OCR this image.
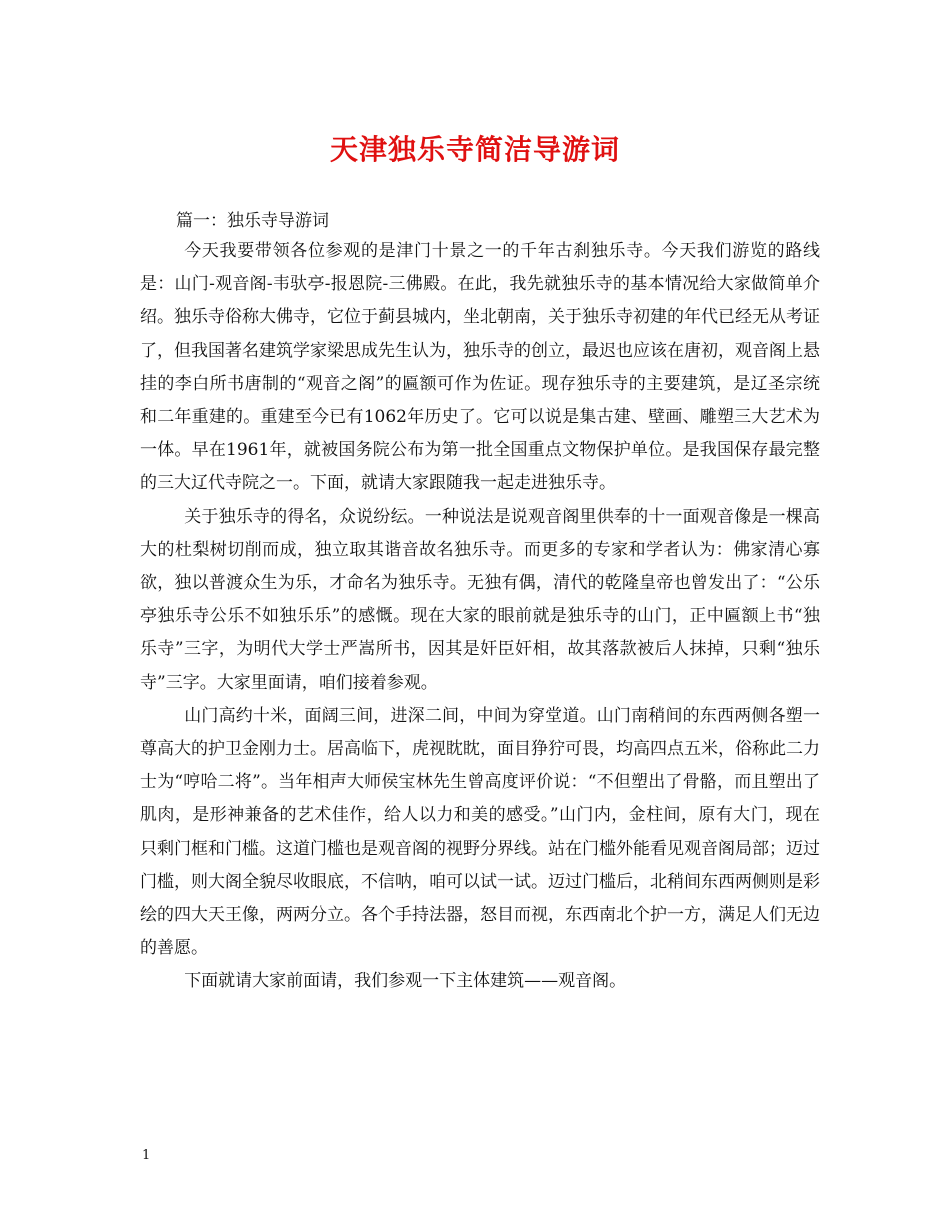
天津独乐寺简洁导游词

篇一：独乐寺导游词

今天我要带领各位参观的是津门十景之一的千年古刹独乐寺。今天我们游览的路线是：山门-观音阁-韦驮亭-报恩院-三佛殿。在此，我先就独乐寺的基本情况给大家做简单介绍。独乐寺俗称大佛寺，它位于蓟县城内，坐北朝南，关于独乐寺初建的年代已经无从考证了，但我国著名建筑学家梁思成先生认为，独乐寺的创立，最迟也应该在唐初，观音阁上悬挂的李白所书唐制的“观音之阁”的匾额可作为佐证。现存独乐寺的主要建筑，是辽圣宗统和二年重建的。重建至今已有1062年历史了。它可以说是集古建、壁画、雕塑三大艺术为一体。早在1961年，就被国务院公布为第一批全国重点文物保护单位。是我国保存最完整的三大辽代寺院之一。下面，就请大家跟随我一起走进独乐寺。

关于独乐寺的得名，众说纷纭。一种说法是说观音阁里供奉的十一面观音像是一棵高大的杜梨树切削而成，独立取其谐音故名独乐寺。而更多的专家和学者认为：佛家清心寡欲，独以普渡众生为乐，才命名为独乐寺。无独有偶，清代的乾隆皇帝也曾发出了：“公乐亭独乐寺公乐不如独乐乐”的感慨。现在大家的眼前就是独乐寺的山门，正中匾额上书“独乐寺”三字，为明代大学士严嵩所书，因其是奸臣奸相，故其落款被后人抹掉，只剩“独乐寺”三字。大家里面请，咱们接着参观。

山门高约十米，面阔三间，进深二间，中间为穿堂道。山门南稍间的东西两侧各塑一尊高大的护卫金刚力士。居高临下，虎视眈眈，面目狰狞可畏，均高四点五米，俗称此二力士为“哼哈二将”。当年相声大师侯宝林先生曾高度评价说：“不但塑出了骨骼，而且塑出了肌肉，是形神兼备的艺术佳作，给人以力和美的感受。”山门内，金柱间，原有大门，现在只剩门框和门槛。这道门槛也是观音阁的视野分界线。站在门槛外能看见观音阁局部；迈过门槛，则大阁全貌尽收眼底，不信呐，咱可以试一试。迈过门槛后，北稍间东西两侧则是彩绘的四大天王像，两两分立。各个手持法器，怒目而视，东西南北个护一方，满足人们无边的善愿。

下面就请大家前面请，我们参观一下主体建筑——观音阁。

1
